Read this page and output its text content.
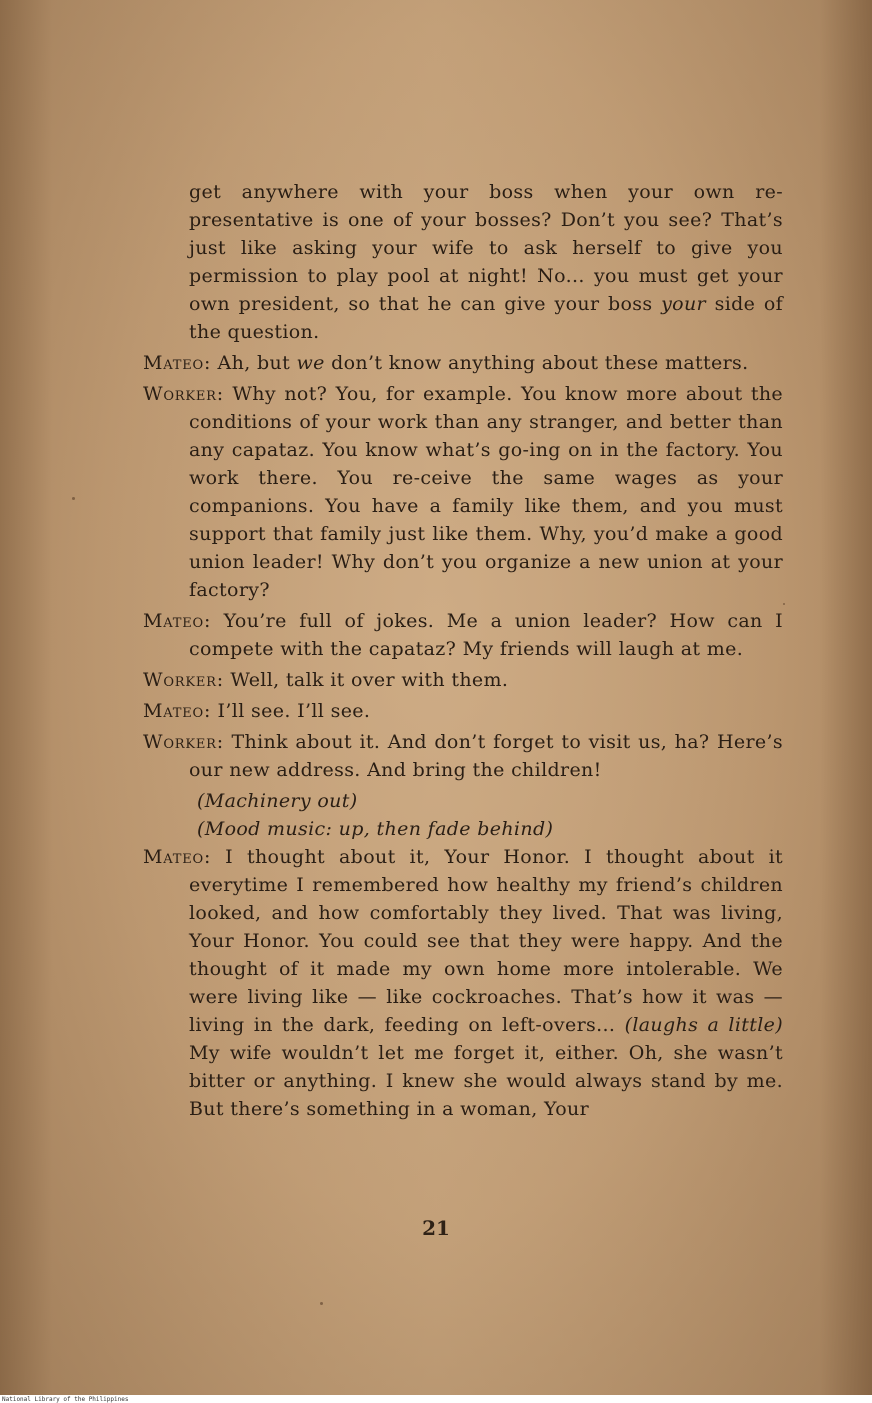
get anywhere with your boss when your own re-presentative is one of your bosses? Don’t you see? That’s just like asking your wife to ask herself to give you permission to play pool at night! No... you must get your own president, so that he can give your boss your side of the question.

Mateo: Ah, but we don’t know anything about these matters.

Worker: Why not? You, for example. You know more about the conditions of your work than any stranger, and better than any capataz. You know what’s go-ing on in the factory. You work there. You re-ceive the same wages as your companions. You have a family like them, and you must support that family just like them. Why, you’d make a good union leader! Why don’t you organize a new union at your factory?

Mateo: You’re full of jokes. Me a union leader? How can I compete with the capataz? My friends will laugh at me.

Worker: Well, talk it over with them.

Mateo: I’ll see. I’ll see.

Worker: Think about it. And don’t forget to visit us, ha? Here’s our new address. And bring the children!

(Machinery out)

(Mood music: up, then fade behind)

Mateo: I thought about it, Your Honor. I thought about it everytime I remembered how healthy my friend’s children looked, and how comfortably they lived. That was living, Your Honor. You could see that they were happy. And the thought of it made my own home more intolerable. We were living like — like cockroaches. That’s how it was — living in the dark, feeding on left-overs... (laughs a little) My wife wouldn’t let me forget it, either. Oh, she wasn’t bitter or anything. I knew she would always stand by me. But there’s something in a woman, Your

21
National Library of the Philippines
